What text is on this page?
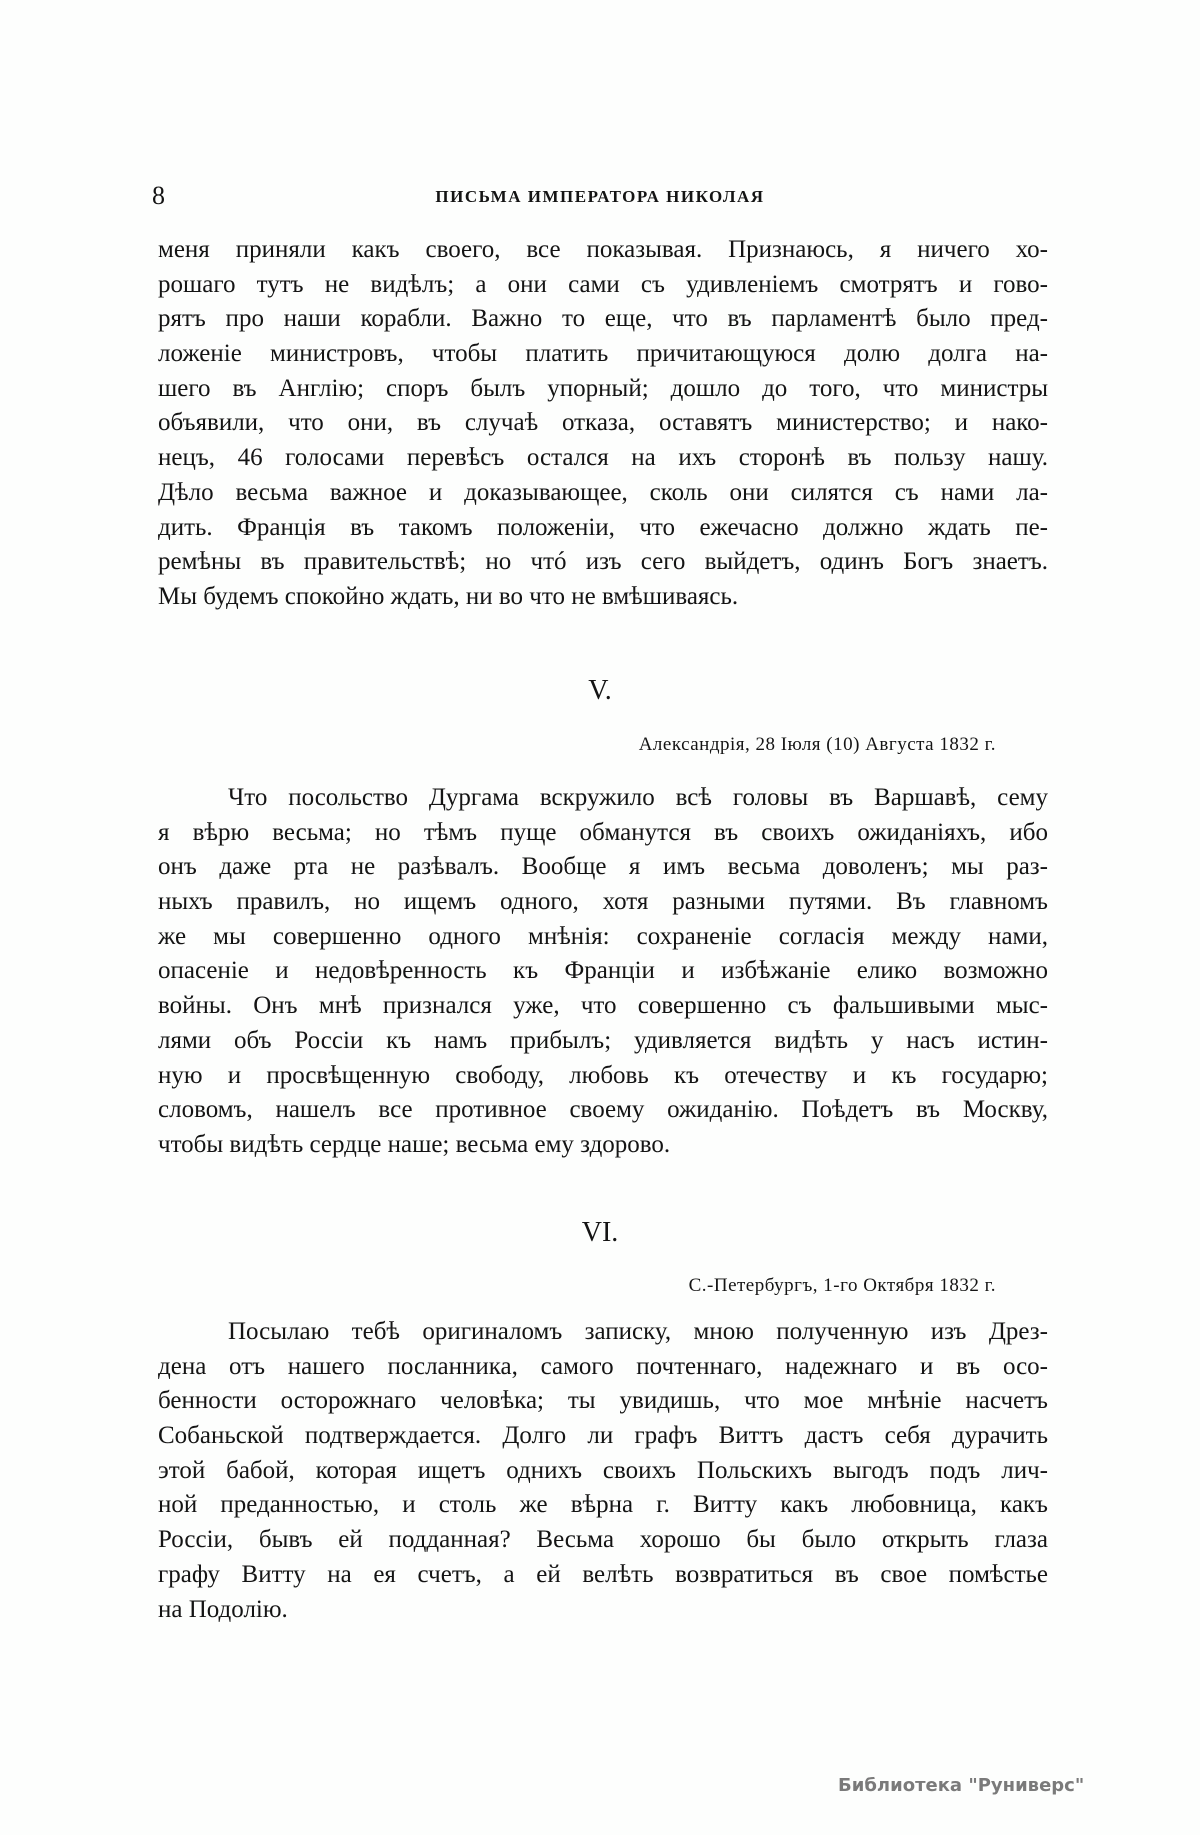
8	ПИСЬМА ИМПЕРАТОРА НИКОЛАЯ
меня приняли какъ своего, все показывая. Признаюсь, я ничего хо-
рошаго тутъ не видѣлъ; а они сами съ удивленіемъ смотрятъ и гово-
рятъ про наши корабли. Важно то еще, что въ парламентѣ было пред-
ложеніе министровъ, чтобы платить причитающуюся долю долга на-
шего въ Англію; споръ былъ упорный; дошло до того, что министры
объявили, что они, въ случаѣ отказа, оставятъ министерство; и нако-
нецъ, 46 голосами перевѣсъ остался на ихъ сторонѣ въ пользу нашу.
Дѣло весьма важное и доказывающее, сколь они силятся съ нами ла-
дить. Франція въ такомъ положеніи, что ежечасно должно ждать пе-
ремѣны въ правительствѣ; но чтó изъ сего выйдетъ, одинъ Богъ знаетъ.
Мы будемъ спокойно ждать, ни во что не вмѣшиваясь.
V.
Александрія, 28 Іюля (10) Августа 1832 г.
Что посольство Дургама вскружило всѣ головы въ Варшавѣ, сему
я вѣрю весьма; но тѣмъ пуще обманутся въ своихъ ожиданіяхъ, ибо
онъ даже рта не разѣвалъ. Вообще я имъ весьма доволенъ; мы раз-
ныхъ правилъ, но ищемъ одного, хотя разными путями. Въ главномъ
же мы совершенно одного мнѣнія: сохраненіе согласія между нами,
опасеніе и недовѣренность къ Франціи и избѣжаніе елико возможно
войны. Онъ мнѣ признался уже, что совершенно съ фальшивыми мыс-
лями объ Россіи къ намъ прибылъ; удивляется видѣть у насъ истин-
ную и просвѣщенную свободу, любовь къ отечеству и къ государю;
словомъ, нашелъ все противное своему ожиданію. Поѣдетъ въ Москву,
чтобы видѣть сердце наше; весьма ему здорово.
VI.
С.-Петербургъ, 1-го Октября 1832 г.
Посылаю тебѣ оригиналомъ записку, мною полученную изъ Дрез-
дена отъ нашего посланника, самого почтеннаго, надежнаго и въ осо-
бенности осторожнаго человѣка; ты увидишь, что мое мнѣніе насчетъ
Собаньской подтверждается. Долго ли графъ Виттъ дастъ себя дурачить
этой бабой, которая ищетъ однихъ своихъ Польскихъ выгодъ подъ лич-
ной преданностью, и столь же вѣрна г. Витту какъ любовница, какъ
Россіи, бывъ ей подданная? Весьма хорошо бы было открыть глаза
графу Витту на ея счетъ, а ей велѣть возвратиться въ свое помѣстье
на Подолію.
Библиотека "Руниверс"
